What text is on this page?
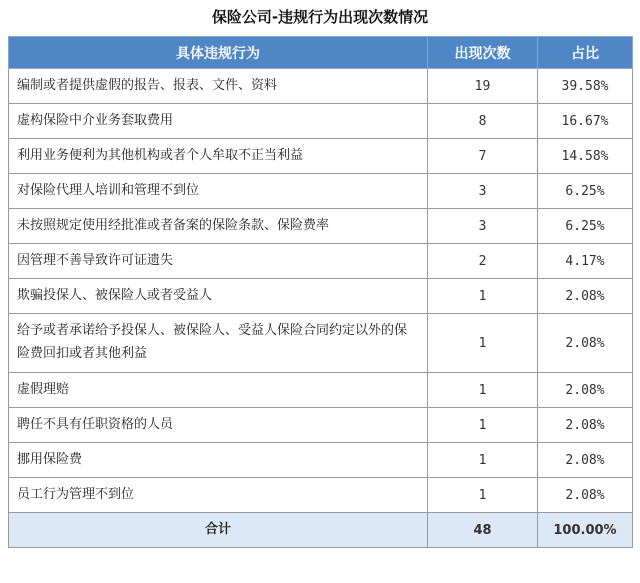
保险公司-违规行为出现次数情况
具体违规行为	出现次数	占比
编制或者提供虚假的报告、报表、文件、资料	19	39.58%
虚构保险中介业务套取费用	8	16.67%
利用业务便利为其他机构或者个人牟取不正当利益	7	14.58%
对保险代理人培训和管理不到位	3	6.25%
未按照规定使用经批准或者备案的保险条款、保险费率	3	6.25%
因管理不善导致许可证遗失	2	4.17%
欺骗投保人、被保险人或者受益人	1	2.08%
给予或者承诺给予投保人、被保险人、受益人保险合同约定以外的保险费回扣或者其他利益	1	2.08%
虚假理赔	1	2.08%
聘任不具有任职资格的人员	1	2.08%
挪用保险费	1	2.08%
员工行为管理不到位	1	2.08%
合计	48	100.00%
